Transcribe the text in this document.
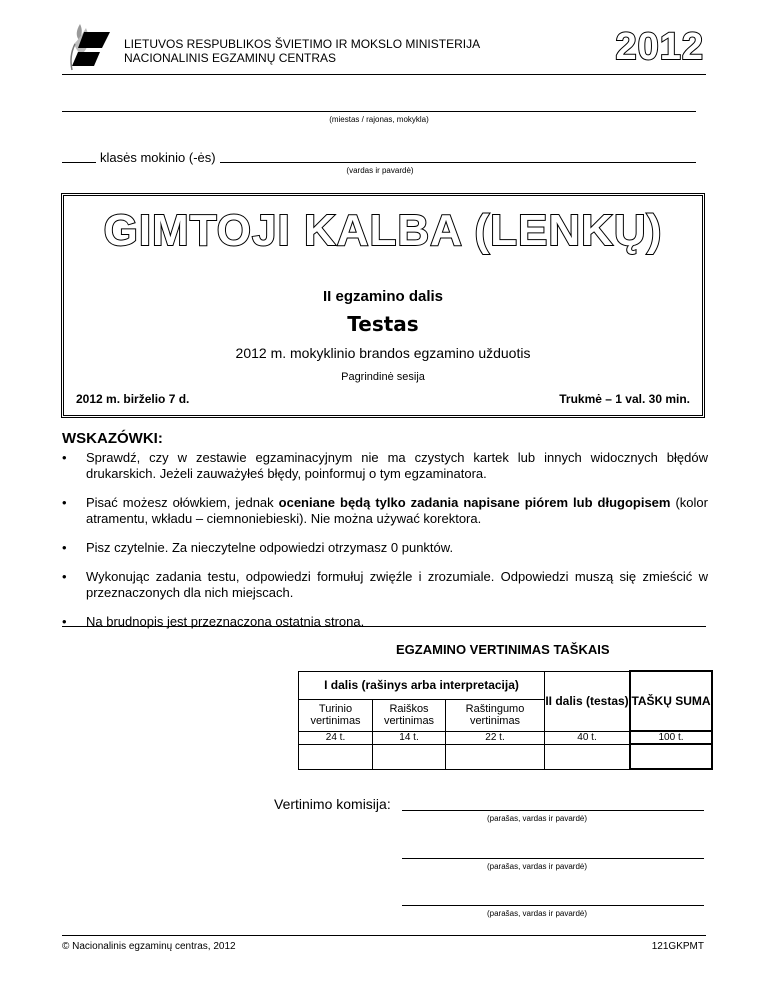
LIETUVOS RESPUBLIKOS ŠVIETIMO IR MOKSLO MINISTERIJA
NACIONALINIS EGZAMINŲ CENTRAS	2012
(miestas / rajonas, mokykla)
klasės mokinio (-ės)
(vardas ir pavardė)
GIMTOJI KALBA (LENKŲ)
II egzamino dalis
Testas
2012 m. mokyklinio brandos egzamino užduotis
Pagrindinė sesija
2012 m. birželio 7 d.	Trukmė – 1 val. 30 min.
WSKAZÓWKI:
• Sprawdź, czy w zestawie egzaminacyjnym nie ma czystych kartek lub innych widocznych błędów drukarskich. Jeżeli zauważyłeś błędy, poinformuj o tym egzaminatora.
• Pisać możesz ołówkiem, jednak oceniane będą tylko zadania napisane piórem lub długopisem (kolor atramentu, wkładu – ciemnoniebieski). Nie można używać korektora.
• Pisz czytelnie. Za nieczytelne odpowiedzi otrzymasz 0 punktów.
• Wykonując zadania testu, odpowiedzi formułuj zwięźle i zrozumiale. Odpowiedzi muszą się zmieścić w przeznaczonych dla nich miejscach.
• Na brudnopis jest przeznaczona ostatnia strona.
EGZAMINO VERTINIMAS TAŠKAIS
I dalis (rašinys arba interpretacija)			II dalis (testas)	TAŠKŲ SUMA
Turinio vertinimas	Raiškos vertinimas	Raštingumo vertinimas		
24 t.	14 t.	22 t.	40 t.	100 t.

Vertinimo komisija:
(parašas, vardas ir pavardė)
(parašas, vardas ir pavardė)
(parašas, vardas ir pavardė)
© Nacionalinis egzaminų centras, 2012	121GKPMT
